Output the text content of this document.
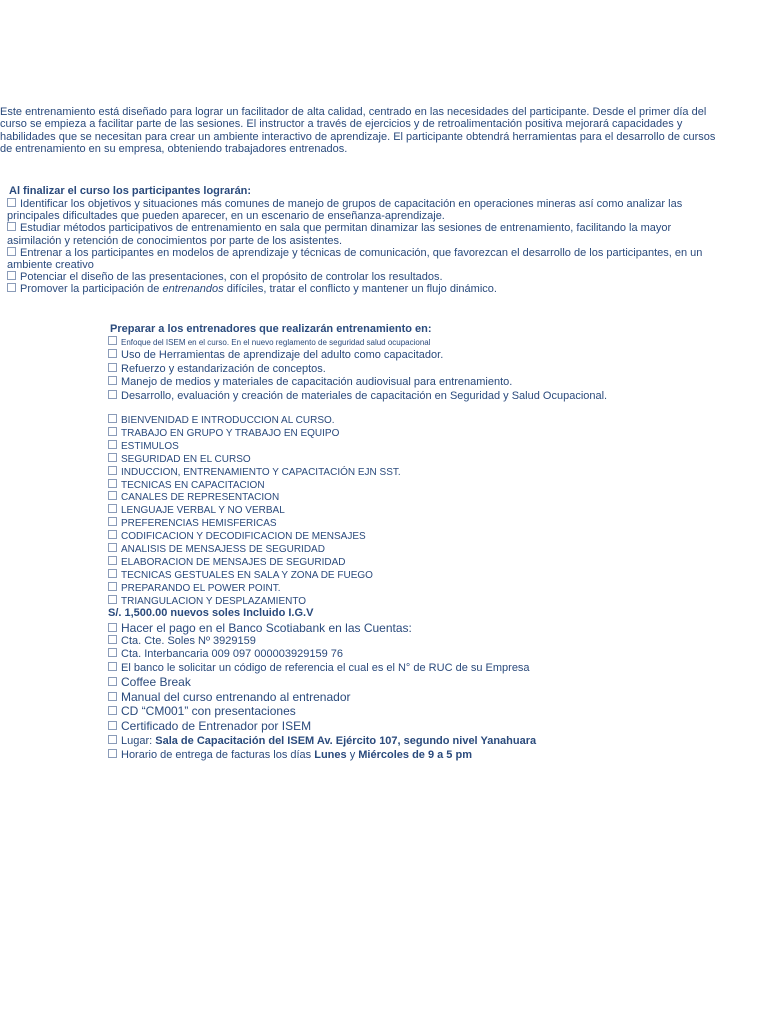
Este entrenamiento está diseñado para lograr un facilitador de alta calidad, centrado en las necesidades del participante. Desde el primer día del
curso se empieza a facilitar parte de las sesiones. El instructor a través de ejercicios y de retroalimentación positiva mejorará capacidades y
habilidades que se necesitan para crear un ambiente interactivo de aprendizaje. El participante obtendrá herramientas para el desarrollo de cursos
de entrenamiento en su empresa, obteniendo trabajadores entrenados.
Al finalizar el curso los participantes lograrán:
Identificar los objetivos y situaciones más comunes de manejo de grupos de capacitación en operaciones mineras así como analizar las
principales dificultades que pueden aparecer, en un escenario de enseñanza-aprendizaje.
Estudiar métodos participativos de entrenamiento en sala que permitan dinamizar las sesiones de entrenamiento, facilitando la mayor
asimilación y retención de conocimientos por parte de los asistentes.
Entrenar a los participantes en modelos de aprendizaje y técnicas de comunicación, que favorezcan el desarrollo de los participantes, en un
ambiente creativo
Potenciar el diseño de las presentaciones, con el propósito de controlar los resultados.
Promover la participación de entrenandos difíciles, tratar el conflicto y mantener un flujo dinámico.
Preparar a los entrenadores que realizarán entrenamiento en:
Enfoque del ISEM en el curso. En el nuevo reglamento de seguridad salud ocupacional
Uso de Herramientas de aprendizaje del adulto como capacitador.
Refuerzo y estandarización de conceptos.
Manejo de medios y materiales de capacitación audiovisual para entrenamiento.
Desarrollo, evaluación y creación de materiales de capacitación en Seguridad y Salud Ocupacional.
BIENVENIDAD E INTRODUCCION AL CURSO.
TRABAJO EN GRUPO Y TRABAJO EN EQUIPO
ESTIMULOS
SEGURIDAD EN EL CURSO
INDUCCION, ENTRENAMIENTO Y CAPACITACIÓN EJN SST.
TECNICAS EN CAPACITACION
CANALES DE REPRESENTACION
LENGUAJE VERBAL Y NO VERBAL
PREFERENCIAS HEMISFERICAS
CODIFICACION Y DECODIFICACION DE MENSAJES
ANALISIS DE MENSAJESS DE SEGURIDAD
ELABORACION DE MENSAJES DE SEGURIDAD
TECNICAS GESTUALES EN SALA Y ZONA DE FUEGO
PREPARANDO EL POWER POINT.
TRIANGULACION Y DESPLAZAMIENTO
S/. 1,500.00 nuevos soles Incluido I.G.V
Hacer el pago en el Banco Scotiabank en las Cuentas:
Cta. Cte. Soles Nº 3929159
Cta. Interbancaria 009 097 000003929159 76
El banco le solicitar un código de referencia el cual es el N° de RUC de su Empresa
Coffee Break
Manual del curso entrenando al entrenador
CD “CM001” con presentaciones
Certificado de Entrenador por ISEM
Lugar: Sala de Capacitación del ISEM Av. Ejército 107, segundo nivel Yanahuara
Horario de entrega de facturas los días Lunes y Miércoles de 9 a 5 pm
